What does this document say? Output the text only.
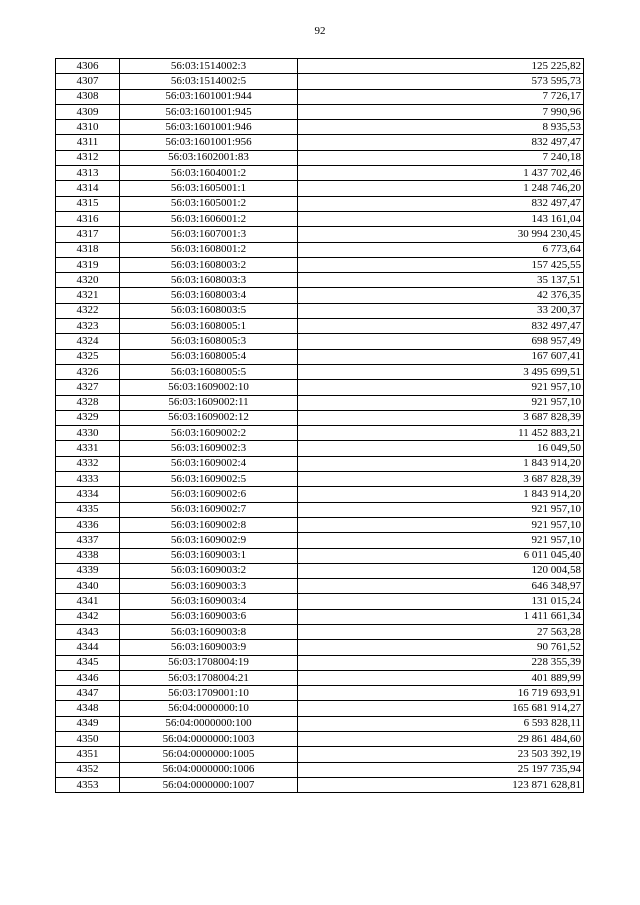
92
4306	56:03:1514002:3	125 225,82
4307	56:03:1514002:5	573 595,73
4308	56:03:1601001:944	7 726,17
4309	56:03:1601001:945	7 990,96
4310	56:03:1601001:946	8 935,53
4311	56:03:1601001:956	832 497,47
4312	56:03:1602001:83	7 240,18
4313	56:03:1604001:2	1 437 702,46
4314	56:03:1605001:1	1 248 746,20
4315	56:03:1605001:2	832 497,47
4316	56:03:1606001:2	143 161,04
4317	56:03:1607001:3	30 994 230,45
4318	56:03:1608001:2	6 773,64
4319	56:03:1608003:2	157 425,55
4320	56:03:1608003:3	35 137,51
4321	56:03:1608003:4	42 376,35
4322	56:03:1608003:5	33 200,37
4323	56:03:1608005:1	832 497,47
4324	56:03:1608005:3	698 957,49
4325	56:03:1608005:4	167 607,41
4326	56:03:1608005:5	3 495 699,51
4327	56:03:1609002:10	921 957,10
4328	56:03:1609002:11	921 957,10
4329	56:03:1609002:12	3 687 828,39
4330	56:03:1609002:2	11 452 883,21
4331	56:03:1609002:3	16 049,50
4332	56:03:1609002:4	1 843 914,20
4333	56:03:1609002:5	3 687 828,39
4334	56:03:1609002:6	1 843 914,20
4335	56:03:1609002:7	921 957,10
4336	56:03:1609002:8	921 957,10
4337	56:03:1609002:9	921 957,10
4338	56:03:1609003:1	6 011 045,40
4339	56:03:1609003:2	120 004,58
4340	56:03:1609003:3	646 348,97
4341	56:03:1609003:4	131 015,24
4342	56:03:1609003:6	1 411 661,34
4343	56:03:1609003:8	27 563,28
4344	56:03:1609003:9	90 761,52
4345	56:03:1708004:19	228 355,39
4346	56:03:1708004:21	401 889,99
4347	56:03:1709001:10	16 719 693,91
4348	56:04:0000000:10	165 681 914,27
4349	56:04:0000000:100	6 593 828,11
4350	56:04:0000000:1003	29 861 484,60
4351	56:04:0000000:1005	23 503 392,19
4352	56:04:0000000:1006	25 197 735,94
4353	56:04:0000000:1007	123 871 628,81
